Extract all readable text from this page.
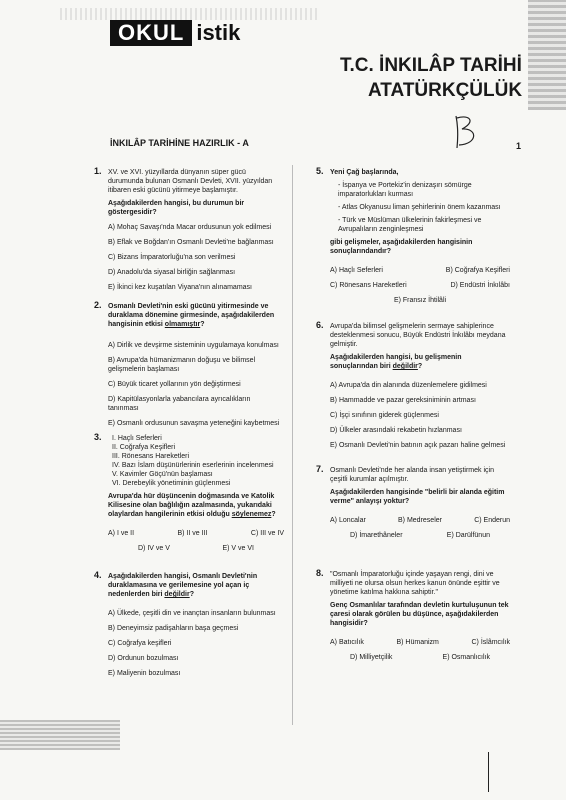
OKUL istik
T.C. İNKILÂP TARİHİ
ATATÜRKÇÜLÜK
İNKILÂP TARİHİNE HAZIRLIK - A	1
1. XV. ve XVI. yüzyıllarda dünyanın süper gücü durumunda bulunan Osmanlı Devleti, XVII. yüzyıldan itibaren eski gücünü yitirmeye başlamıştır.
Aşağıdakilerden hangisi, bu durumun bir göstergesidir?
A) Mohaç Savaşı'nda Macar ordusunun yok edilmesi
B) Eflak ve Boğdan'ın Osmanlı Devleti'ne bağlanması
C) Bizans İmparatorluğu'na son verilmesi
D) Anadolu'da siyasal birliğin sağlanması
E) İkinci kez kuşatılan Viyana'nın alınamaması
2. Osmanlı Devleti'nin eski gücünü yitirmesinde ve duraklama dönemine girmesinde, aşağıdakilerden hangisinin etkisi olmamıştır?
A) Dirlik ve devşirme sisteminin uygulamaya konulması
B) Avrupa'da hümanizmanın doğuşu ve bilimsel gelişmelerin başlaması
C) Büyük ticaret yollarının yön değiştirmesi
D) Kapitülasyonlarla yabancılara ayrıcalıkların tanınması
E) Osmanlı ordusunun savaşma yeteneğini kaybetmesi
3. I. Haçlı Seferleri
II. Coğrafya Keşifleri
III. Rönesans Hareketleri
IV. Bazı İslam düşünürlerinin eserlerinin incelenmesi
V. Kavimler Göçü'nün başlaması
VI. Derebeylik yönetiminin güçlenmesi
Avrupa'da hür düşüncenin doğmasında ve Katolik Kilisesine olan bağlılığın azalmasında, yukarıdaki olaylardan hangilerinin etkisi olduğu söylenemez?
A) I ve II	B) II ve III	C) III ve IV
D) IV ve V	E) V ve VI
4. Aşağıdakilerden hangisi, Osmanlı Devleti'nin duraklamasına ve gerilemesine yol açan iç nedenlerden biri değildir?
A) Ülkede, çeşitli din ve inançtan insanların bulunması
B) Deneyimsiz padişahların başa geçmesi
C) Coğrafya keşifleri
D) Ordunun bozulması
E) Maliyenin bozulması
5. Yeni Çağ başlarında,
- İspanya ve Portekiz'in denizaşırı sömürge imparatorlukları kurması
- Atlas Okyanusu liman şehirlerinin önem kazanması
- Türk ve Müslüman ülkelerinin fakirleşmesi ve Avrupalıların zenginleşmesi
gibi gelişmeler, aşağıdakilerden hangisinin sonuçlarındandır?
A) Haçlı Seferleri	B) Coğrafya Keşifleri
C) Rönesans Hareketleri	D) Endüstri İnkılâbı
E) Fransız İhtilâli
6. Avrupa'da bilimsel gelişmelerin sermaye sahiplerince desteklenmesi sonucu, Büyük Endüstri İnkılâbı meydana gelmiştir.
Aşağıdakilerden hangisi, bu gelişmenin sonuçlarından biri değildir?
A) Avrupa'da din alanında düzenlemelere gidilmesi
B) Hammadde ve pazar gereksiniminin artması
C) İşçi sınıfının giderek güçlenmesi
D) Ülkeler arasındaki rekabetin hızlanması
E) Osmanlı Devleti'nin batının açık pazarı haline gelmesi
7. Osmanlı Devleti'nde her alanda insan yetiştirmek için çeşitli kurumlar açılmıştır.
Aşağıdakilerden hangisinde "belirli bir alanda eğitim verme" anlayışı yoktur?
A) Loncalar	B) Medreseler	C) Enderun
D) İmarethâneler	E) Darülfünun
8. "Osmanlı İmparatorluğu içinde yaşayan rengi, dini ve milliyeti ne olursa olsun herkes kanun önünde eşittir ve yönetime katılma hakkına sahiptir."
Genç Osmanlılar tarafından devletin kurtuluşunun tek çaresi olarak görülen bu düşünce, aşağıdakilerden hangisidir?
A) Batıcılık	B) Hümanizm	C) İslâmcılık
D) Milliyetçilik	E) Osmanlıcılık
